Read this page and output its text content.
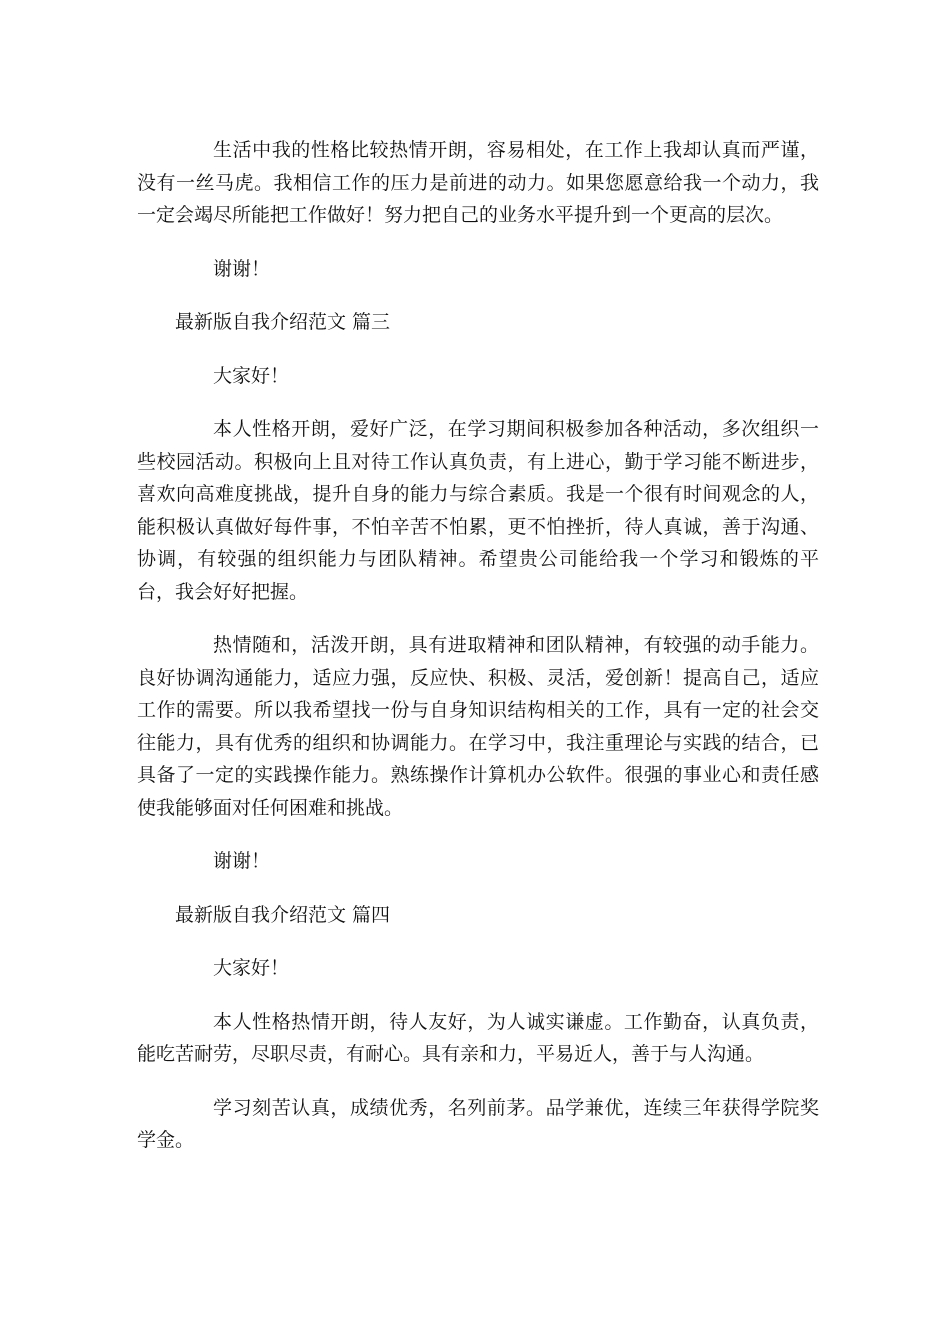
生活中我的性格比较热情开朗，容易相处，在工作上我却认真而严谨，没有一丝马虎。我相信工作的压力是前进的动力。如果您愿意给我一个动力，我一定会竭尽所能把工作做好！努力把自己的业务水平提升到一个更高的层次。

谢谢！

最新版自我介绍范文 篇三

大家好！

本人性格开朗，爱好广泛，在学习期间积极参加各种活动，多次组织一些校园活动。积极向上且对待工作认真负责，有上进心，勤于学习能不断进步，喜欢向高难度挑战，提升自身的能力与综合素质。我是一个很有时间观念的人，能积极认真做好每件事，不怕辛苦不怕累，更不怕挫折，待人真诚，善于沟通、协调，有较强的组织能力与团队精神。希望贵公司能给我一个学习和锻炼的平台，我会好好把握。

热情随和，活泼开朗，具有进取精神和团队精神，有较强的动手能力。良好协调沟通能力，适应力强，反应快、积极、灵活，爱创新！提高自己，适应工作的需要。所以我希望找一份与自身知识结构相关的工作，具有一定的社会交往能力，具有优秀的组织和协调能力。在学习中，我注重理论与实践的结合，已具备了一定的实践操作能力。熟练操作计算机办公软件。很强的事业心和责任感使我能够面对任何困难和挑战。

谢谢！

最新版自我介绍范文 篇四

大家好！

本人性格热情开朗，待人友好，为人诚实谦虚。工作勤奋，认真负责，能吃苦耐劳，尽职尽责，有耐心。具有亲和力，平易近人，善于与人沟通。

学习刻苦认真，成绩优秀，名列前茅。品学兼优，连续三年获得学院奖学金。
